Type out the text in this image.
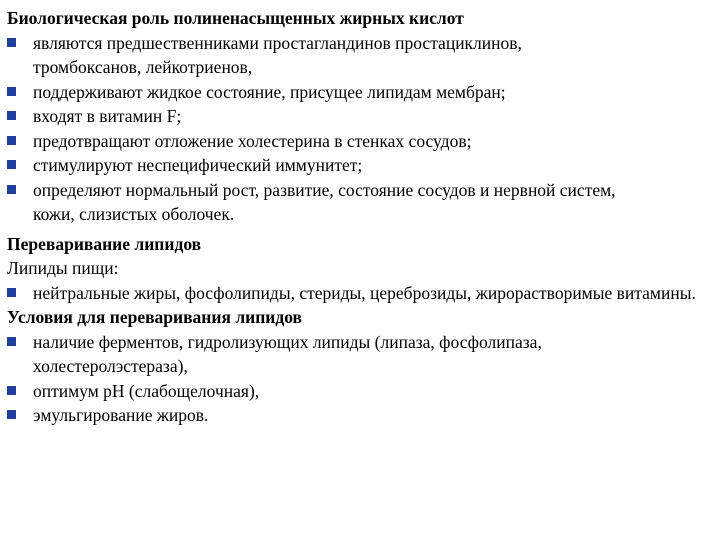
Биологическая роль полиненасыщенных жирных кислот

являются предшественниками простагландинов простациклинов, тромбоксанов, лейкотриенов,
поддерживают жидкое состояние, присущее липидам мембран;
входят в витамин F;
предотвращают отложение холестерина в стенках сосудов;
стимулируют неспецифический иммунитет;
определяют нормальный рост, развитие, состояние сосудов и нервной систем, кожи, слизистых оболочек.

Переваривание липидов

Липиды пищи:

нейтральные жиры, фосфолипиды, стериды, цереброзиды, жирорастворимые витамины.

Условия для переваривания липидов

наличие ферментов, гидролизующих липиды (липаза, фосфолипаза, холестеролэстераза),
оптимум рН (слабощелочная),
эмульгирование жиров.
